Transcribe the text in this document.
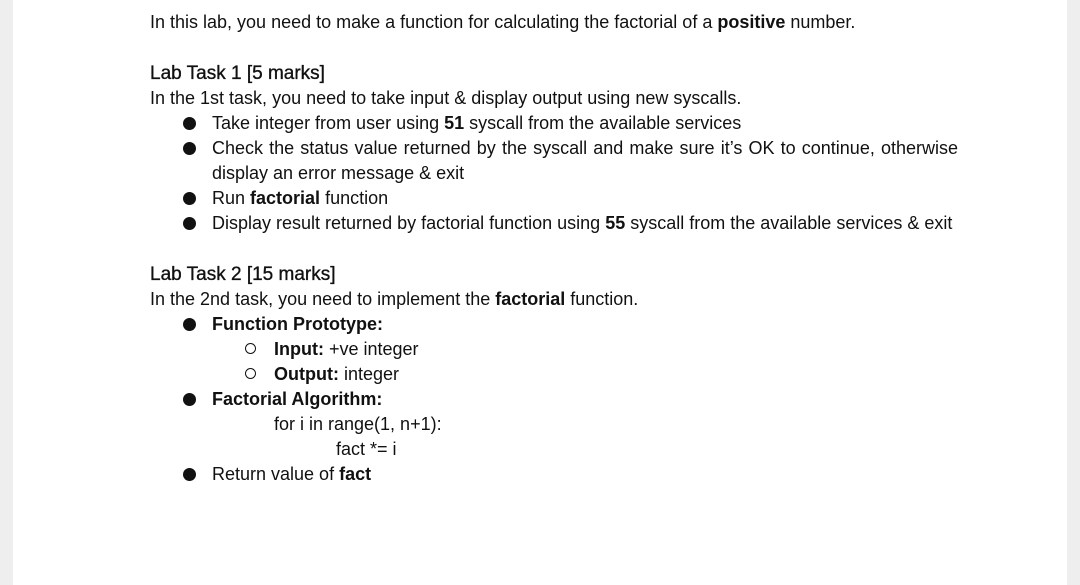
In this lab, you need to make a function for calculating the factorial of a positive number.

Lab Task 1 [5 marks]

In the 1st task, you need to take input & display output using new syscalls.

Take integer from user using 51 syscall from the available services
Check the status value returned by the syscall and make sure it’s OK to continue, otherwise display an error message & exit
Run factorial function
Display result returned by factorial function using 55 syscall from the available services & exit

Lab Task 2 [15 marks]

In the 2nd task, you need to implement the factorial function.

Function Prototype:
Input: +ve integer
Output: integer
Factorial Algorithm:
for i in range(1, n+1):
fact *= i
Return value of fact
